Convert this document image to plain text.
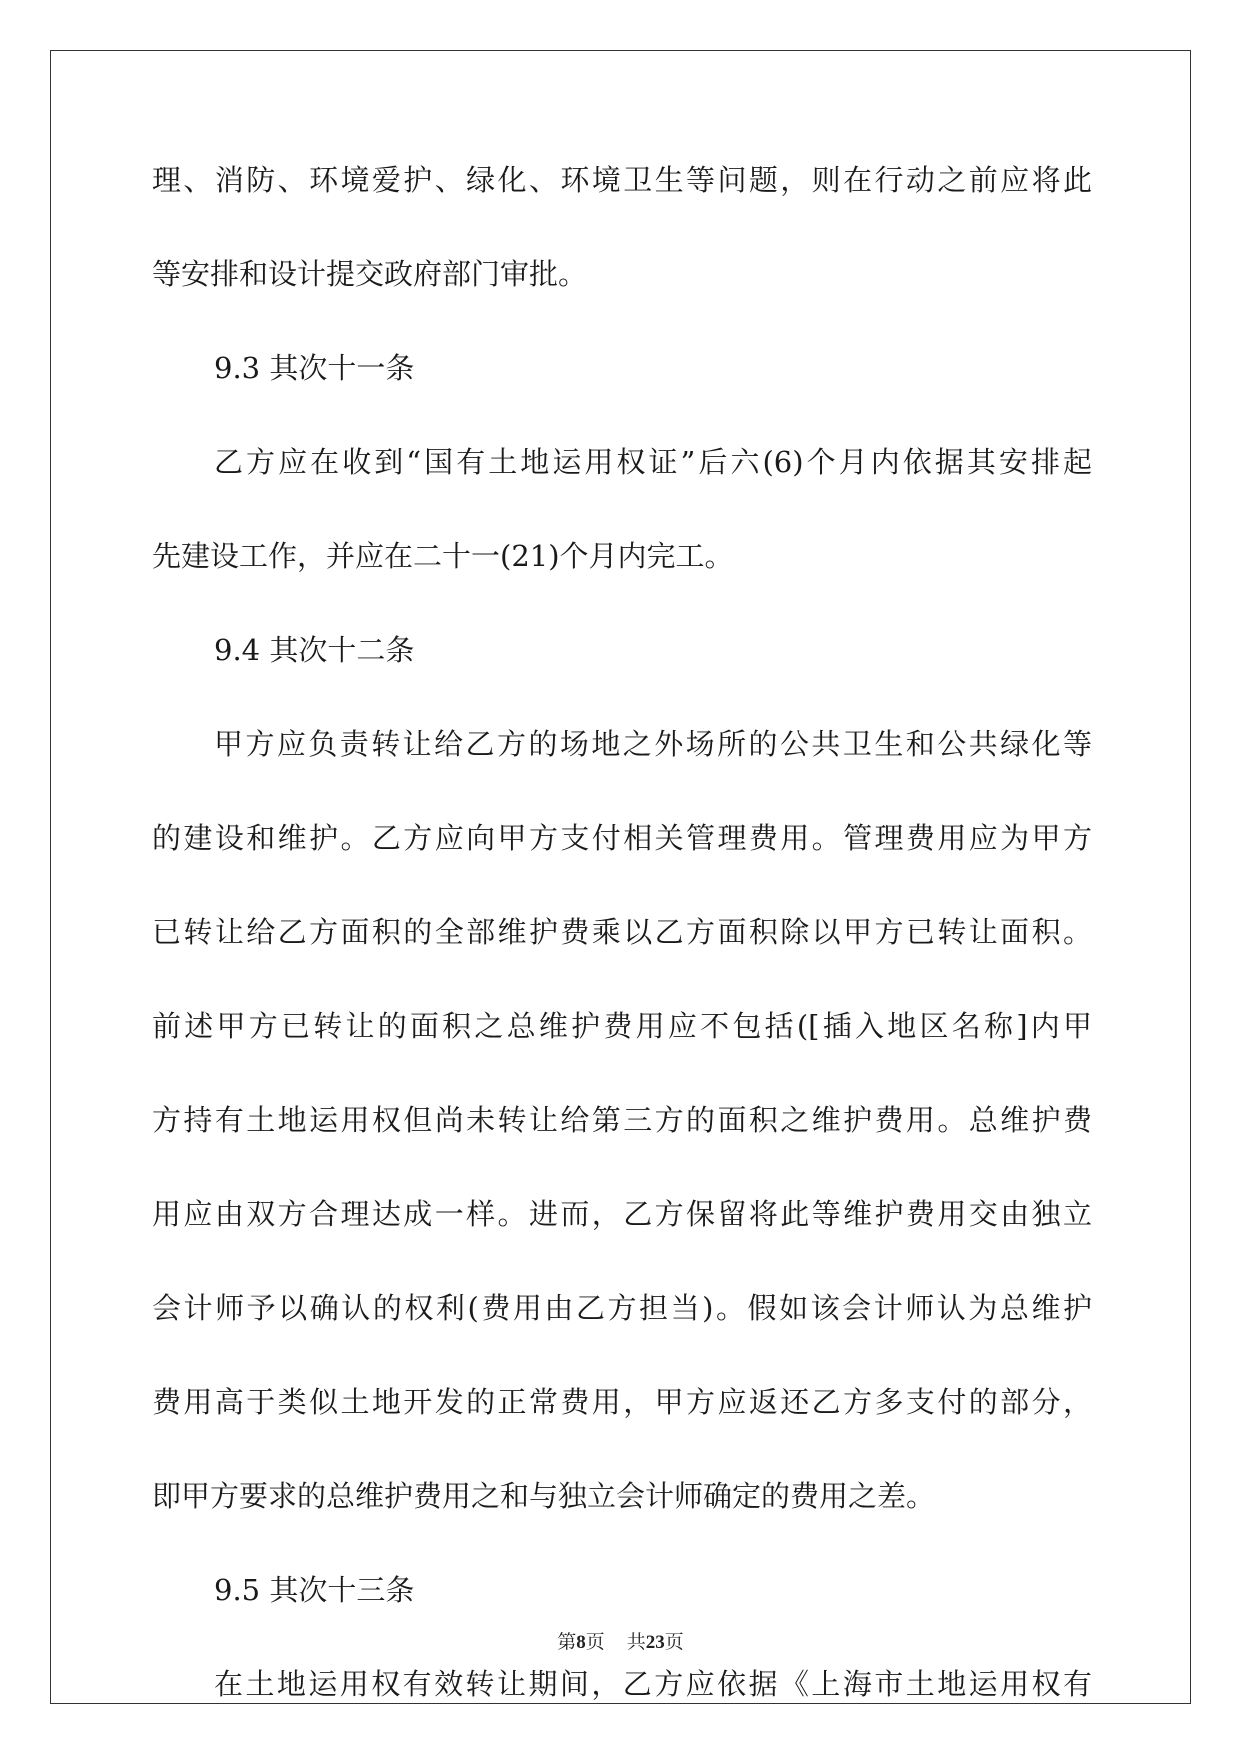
理、消防、环境爱护、绿化、环境卫生等问题，则在行动之前应将此
等安排和设计提交政府部门审批。
9.3 其次十一条
乙方应在收到“国有土地运用权证”后六(6)个月内依据其安排起
先建设工作，并应在二十一(21)个月内完工。
9.4 其次十二条
甲方应负责转让给乙方的场地之外场所的公共卫生和公共绿化等
的建设和维护。乙方应向甲方支付相关管理费用。管理费用应为甲方
已转让给乙方面积的全部维护费乘以乙方面积除以甲方已转让面积。
前述甲方已转让的面积之总维护费用应不包括([插入地区名称]内甲
方持有土地运用权但尚未转让给第三方的面积之维护费用。总维护费
用应由双方合理达成一样。进而，乙方保留将此等维护费用交由独立
会计师予以确认的权利(费用由乙方担当)。假如该会计师认为总维护
费用高于类似土地开发的正常费用，甲方应返还乙方多支付的部分，
即甲方要求的总维护费用之和与独立会计师确定的费用之差。
9.5 其次十三条
在土地运用权有效转让期间，乙方应依据《上海市土地运用权有
第8页 共23页
